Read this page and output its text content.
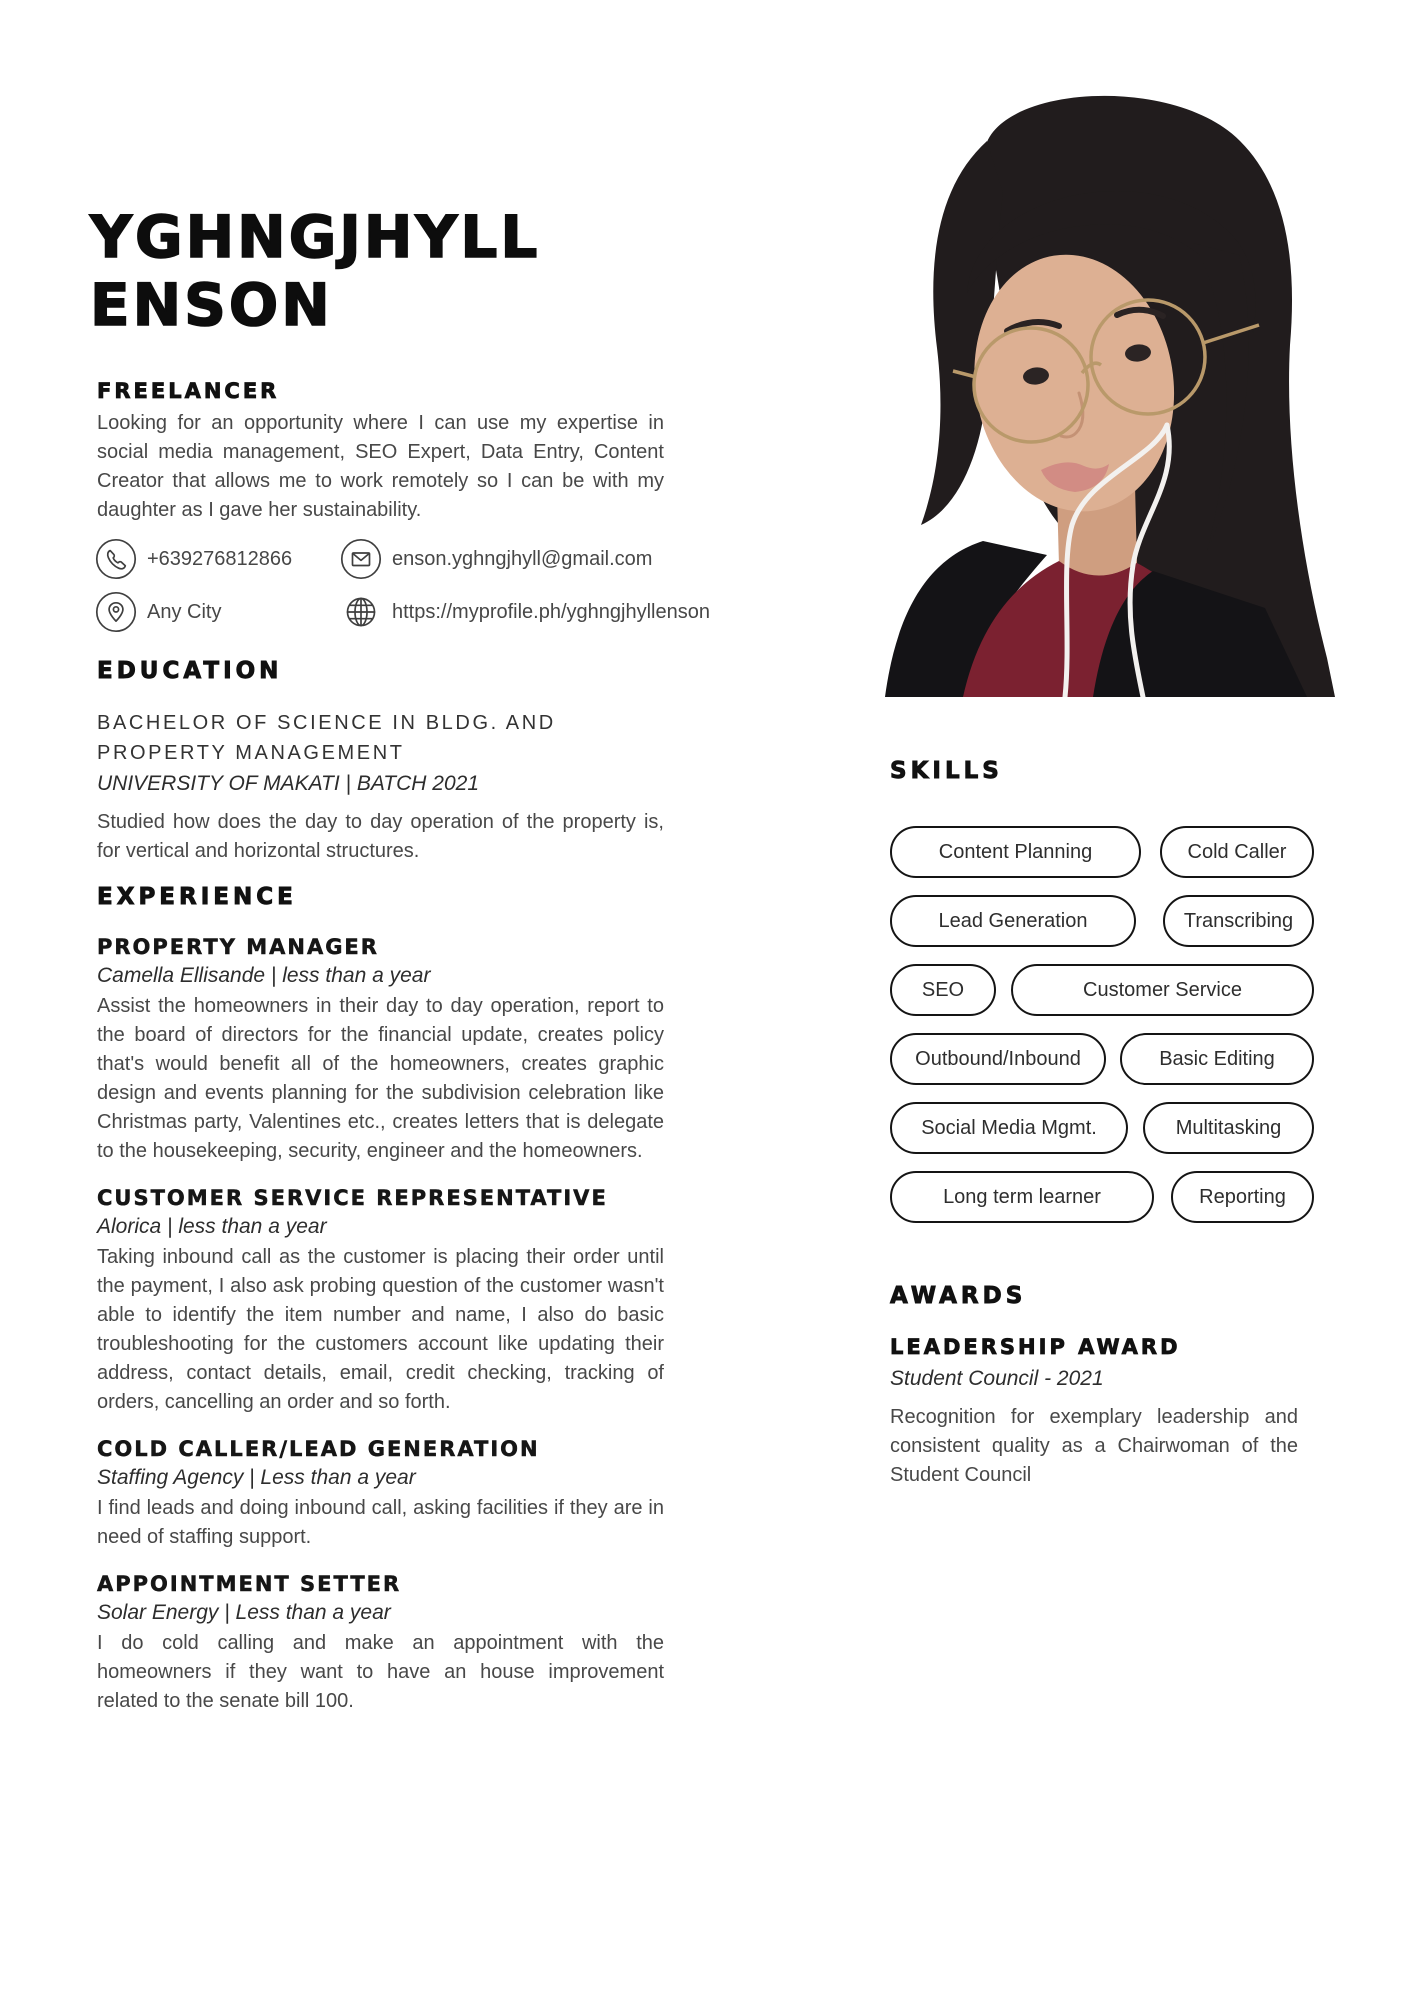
YGHNGJHYLL
ENSON
FREELANCER

Looking for an opportunity where I can use my expertise in social media management, SEO Expert, Data Entry, Content Creator that allows me to work remotely so I can be with my daughter as I gave her sustainability.

+639276812866	enson.yghngjhyll@gmail.com
Any City	https://myprofile.ph/yghngjhyllenson
EDUCATION
BACHELOR OF SCIENCE IN BLDG. AND
PROPERTY MANAGEMENT
UNIVERSITY OF MAKATI | BATCH 2021

Studied how does the day to day operation of the property is, for vertical and horizontal structures.

EXPERIENCE
PROPERTY MANAGER
Camella Ellisande | less than a year

Assist the homeowners in their day to day operation, report to the board of directors for the financial update, creates policy that's would benefit all of the homeowners, creates graphic design and events planning for the subdivision celebration like Christmas party, Valentines etc., creates letters that is delegate to the housekeeping, security, engineer and the homeowners.

CUSTOMER SERVICE REPRESENTATIVE
Alorica | less than a year

Taking inbound call as the customer is placing their order until the payment, I also ask probing question of the customer wasn't able to identify the item number and name, I also do basic troubleshooting for the customers account like updating their address, contact details, email, credit checking, tracking of orders, cancelling an order and so forth.

COLD CALLER/LEAD GENERATION
Staffing Agency | Less than a year

I find leads and doing inbound call, asking facilities if they are in need of staffing support.

APPOINTMENT SETTER
Solar Energy | Less than a year

I do cold calling and make an appointment with the homeowners if they want to have an house improvement related to the senate bill 100.

SKILLS
Content Planning	Cold Caller
Lead Generation	Transcribing
SEO	Customer Service
Outbound/Inbound	Basic Editing
Social Media Mgmt.	Multitasking
Long term learner	Reporting
AWARDS
LEADERSHIP AWARD
Student Council - 2021

Recognition for exemplary leadership and consistent quality as a Chairwoman of the Student Council
